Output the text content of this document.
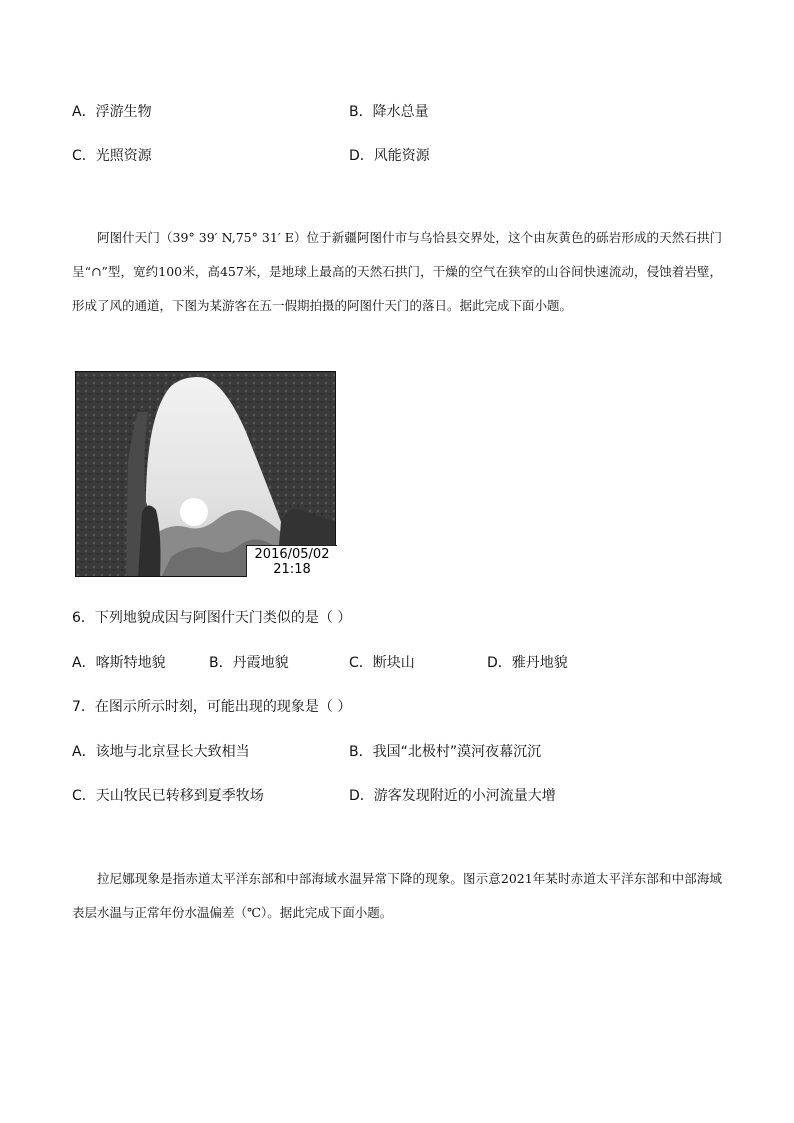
A．浮游生物	B．降水总量
C．光照资源	D．风能资源

阿图什天门（39° 39′ N,75° 31′ E）位于新疆阿图什市与乌恰县交界处，这个由灰黄色的砾岩形成的天然石拱门呈“∩”型，宽约100米，高457米，是地球上最高的天然石拱门，干燥的空气在狭窄的山谷间快速流动，侵蚀着岩壁，形成了风的通道，下图为某游客在五一假期拍摄的阿图什天门的落日。据此完成下面小题。

2016/05/02
21:18
6．下列地貌成因与阿图什天门类似的是（ ）
A．喀斯特地貌	B．丹霞地貌	C．断块山	D．雅丹地貌
7．在图示所示时刻，可能出现的现象是（ ）
A．该地与北京昼长大致相当	B．我国“北极村”漠河夜幕沉沉
C．天山牧民已转移到夏季牧场	D．游客发现附近的小河流量大增

拉尼娜现象是指赤道太平洋东部和中部海域水温异常下降的现象。图示意2021年某时赤道太平洋东部和中部海域表层水温与正常年份水温偏差（℃）。据此完成下面小题。
